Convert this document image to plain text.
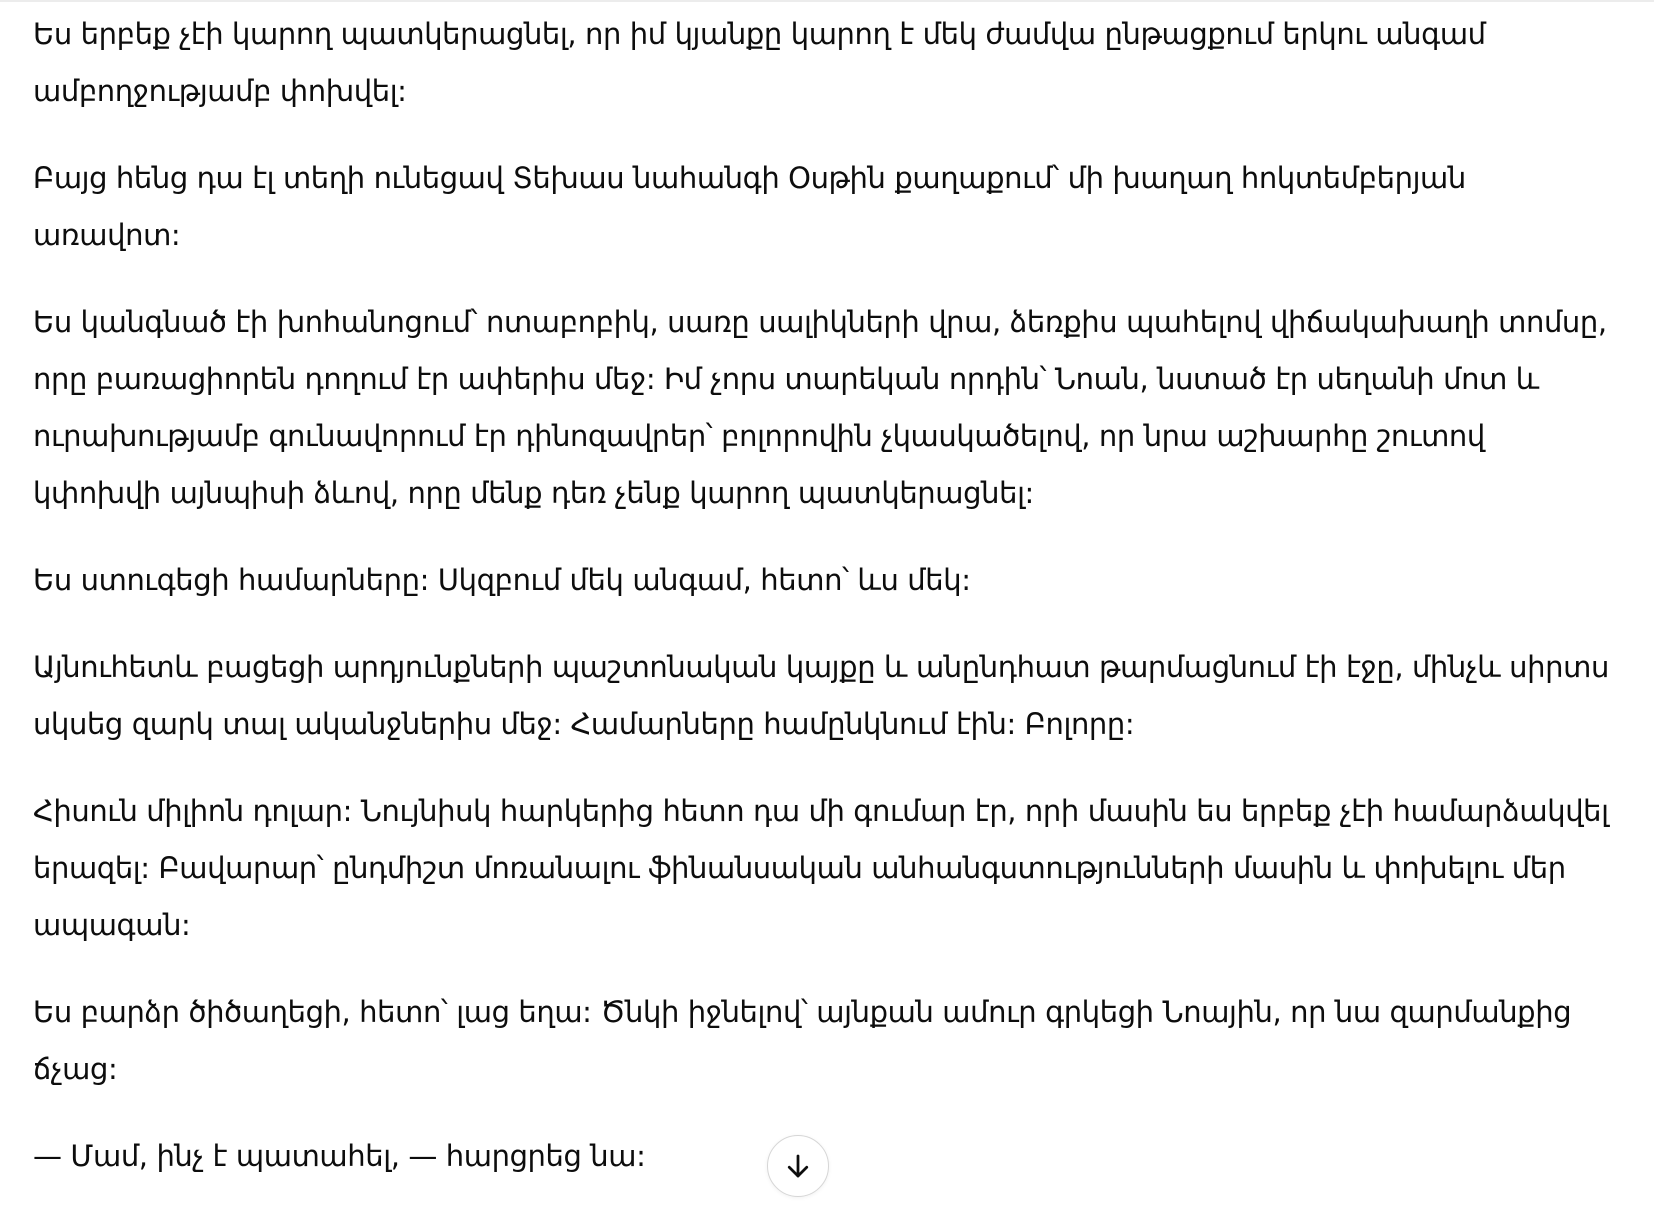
Ես երբեք չէի կարող պատկերացնել, որ իմ կյանքը կարող է մեկ ժամվա ընթացքում երկու անգամ ամբողջությամբ փոխվել:

Բայց հենց դա էլ տեղի ունեցավ Տեխաս նահանգի Օսթին քաղաքում՝ մի խաղաղ հոկտեմբերյան առավոտ:

Ես կանգնած էի խոհանոցում՝ ոտաբոբիկ, սառը սալիկների վրա, ձեռքիս պահելով վիճակախաղի տոմսը, որը բառացիորեն դողում էր ափերիս մեջ: Իմ չորս տարեկան որդին՝ Նոան, նստած էր սեղանի մոտ և ուրախությամբ գունավորում էր դինոզավրեր՝ բոլորովին չկասկածելով, որ նրա աշխարհը շուտով կփոխվի այնպիսի ձևով, որը մենք դեռ չենք կարող պատկերացնել:

Ես ստուգեցի համարները: Սկզբում մեկ անգամ, հետո՝ ևս մեկ:

Այնուհետև բացեցի արդյունքների պաշտոնական կայքը և անընդհատ թարմացնում էի էջը, մինչև սիրտս սկսեց զարկ տալ ականջներիս մեջ: Համարները համընկնում էին: Բոլորը:

Հիսուն միլիոն դոլար: Նույնիսկ հարկերից հետո դա մի գումար էր, որի մասին ես երբեք չէի համարձակվել երազել: Բավարար՝ ընդմիշտ մոռանալու ֆինանսական անհանգստությունների մասին և փոխելու մեր ապագան:

Ես բարձր ծիծաղեցի, հետո՝ լաց եղա: Ծնկի իջնելով՝ այնքան ամուր գրկեցի Նոային, որ նա զարմանքից ճչաց:

— Մամ, ինչ է պատահել, — հարցրեց նա:
